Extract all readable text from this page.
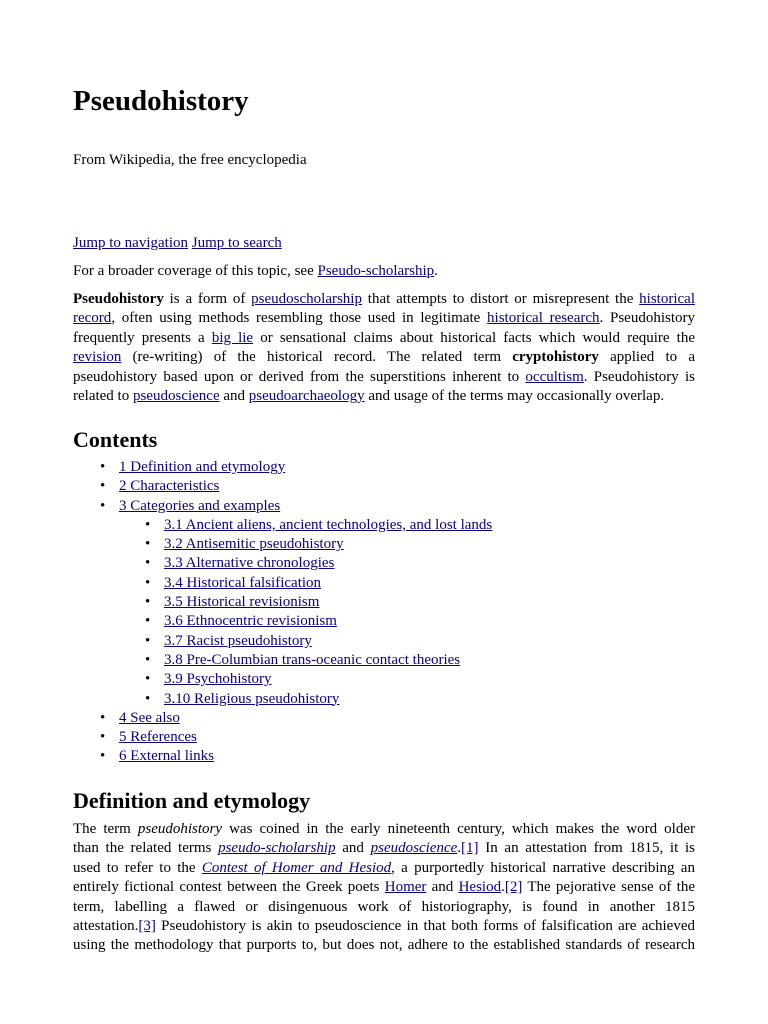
Pseudohistory

From Wikipedia, the free encyclopedia

Jump to navigation Jump to search

For a broader coverage of this topic, see Pseudo-scholarship.

Pseudohistory is a form of pseudoscholarship that attempts to distort or misrepresent the historical
record, often using methods resembling those used in legitimate historical research. Pseudohistory
frequently presents a big lie or sensational claims about historical facts which would require the
revision (re-writing) of the historical record. The related term cryptohistory applied to a
pseudohistory based upon or derived from the superstitions inherent to occultism. Pseudohistory is
related to pseudoscience and pseudoarchaeology and usage of the terms may occasionally overlap.

Contents
• 1 Definition and etymology
• 2 Characteristics
• 3 Categories and examples
• 3.1 Ancient aliens, ancient technologies, and lost lands
• 3.2 Antisemitic pseudohistory
• 3.3 Alternative chronologies
• 3.4 Historical falsification
• 3.5 Historical revisionism
• 3.6 Ethnocentric revisionism
• 3.7 Racist pseudohistory
• 3.8 Pre-Columbian trans-oceanic contact theories
• 3.9 Psychohistory
• 3.10 Religious pseudohistory
• 4 See also
• 5 References
• 6 External links
Definition and etymology

The term pseudohistory was coined in the early nineteenth century, which makes the word older
than the related terms pseudo-scholarship and pseudoscience.[1] In an attestation from 1815, it is
used to refer to the Contest of Homer and Hesiod, a purportedly historical narrative describing an
entirely fictional contest between the Greek poets Homer and Hesiod.[2] The pejorative sense of the
term, labelling a flawed or disingenuous work of historiography, is found in another 1815
attestation.[3] Pseudohistory is akin to pseudoscience in that both forms of falsification are achieved
using the methodology that purports to, but does not, adhere to the established standards of research
